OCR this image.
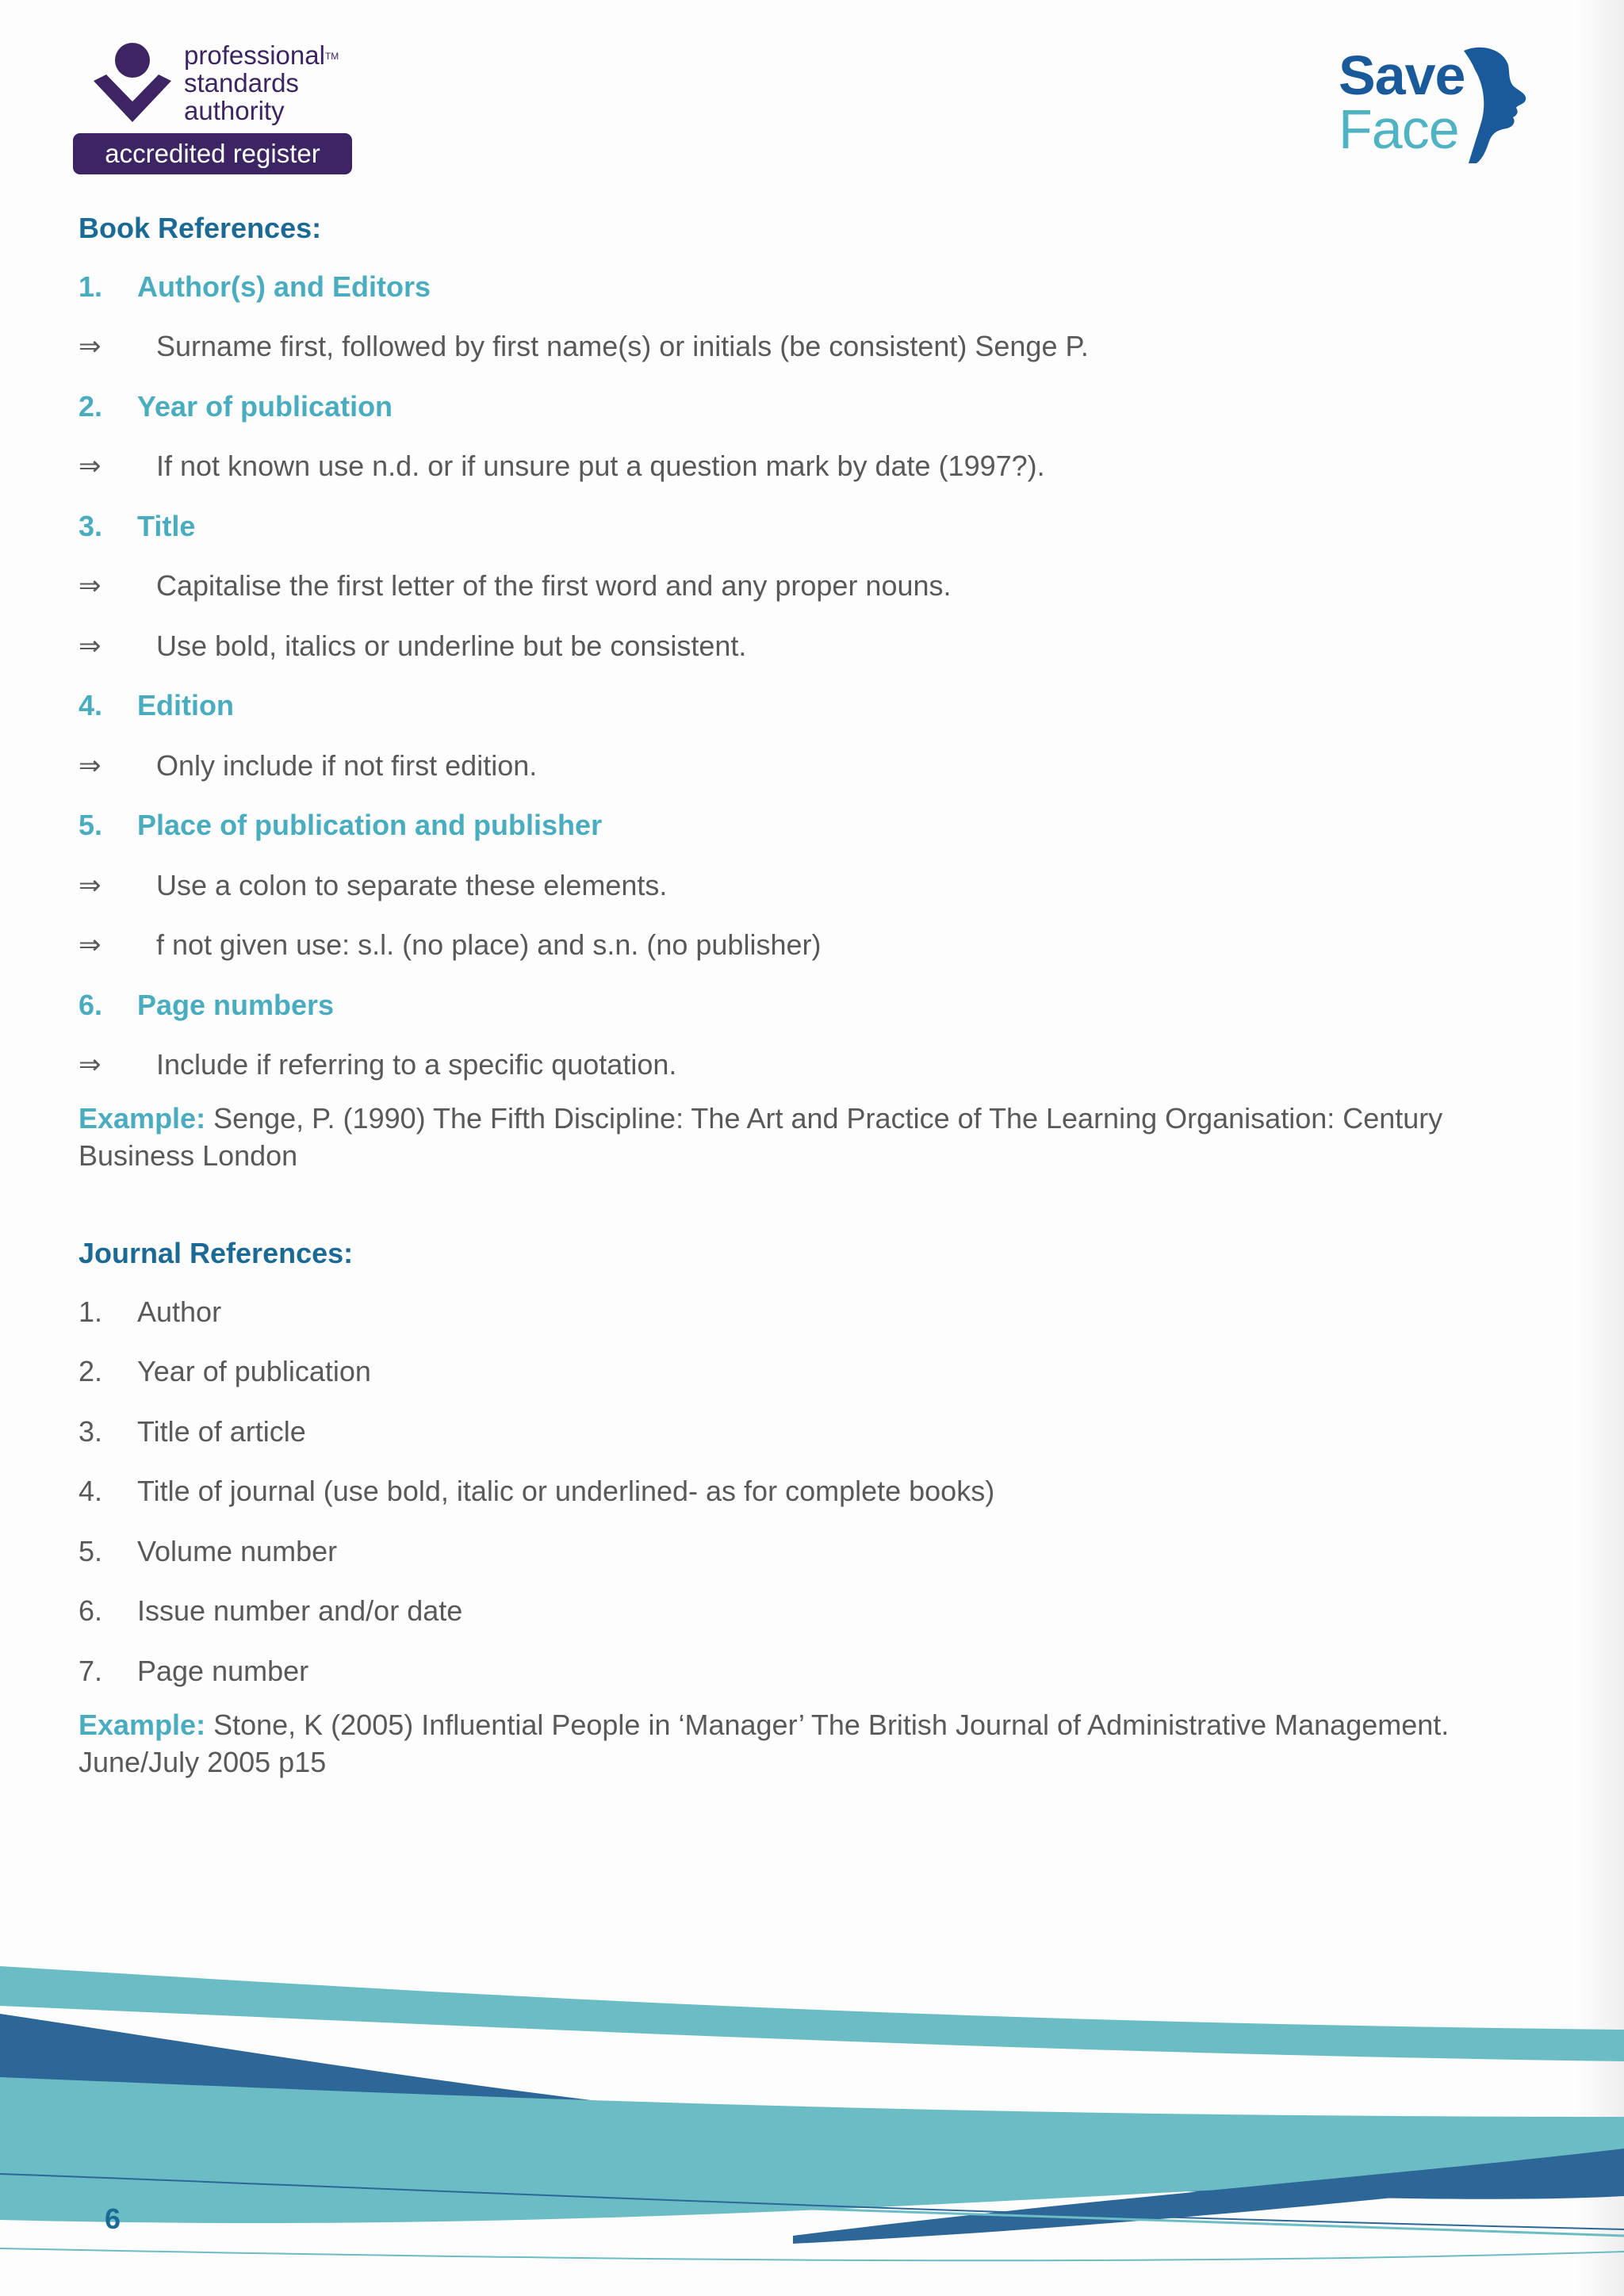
professional™
standards
authority
accredited register
Save
Face
Book References:
1.	Author(s) and Editors
⇒	Surname first, followed by first name(s) or initials (be consistent) Senge P.
2.	Year of publication
⇒	If not known use n.d. or if unsure put a question mark by date (1997?).
3.	Title
⇒	Capitalise the first letter of the first word and any proper nouns.
⇒	Use bold, italics or underline but be consistent.
4.	Edition
⇒	Only include if not first edition.
5.	Place of publication and publisher
⇒	Use a colon to separate these elements.
⇒	f not given use: s.l. (no place) and s.n. (no publisher)
6.	Page numbers
⇒	Include if referring to a specific quotation.
Example: Senge, P. (1990) The Fifth Discipline: The Art and Practice of The Learning Organisation: Century Business London
Journal References:
1.	Author
2.	Year of publication
3.	Title of article
4.	Title of journal (use bold, italic or underlined- as for complete books)
5.	Volume number
6.	Issue number and/or date
7.	Page number
Example: Stone, K (2005) Influential People in ‘Manager’ The British Journal of Administrative Management. June/July 2005 p15
6
